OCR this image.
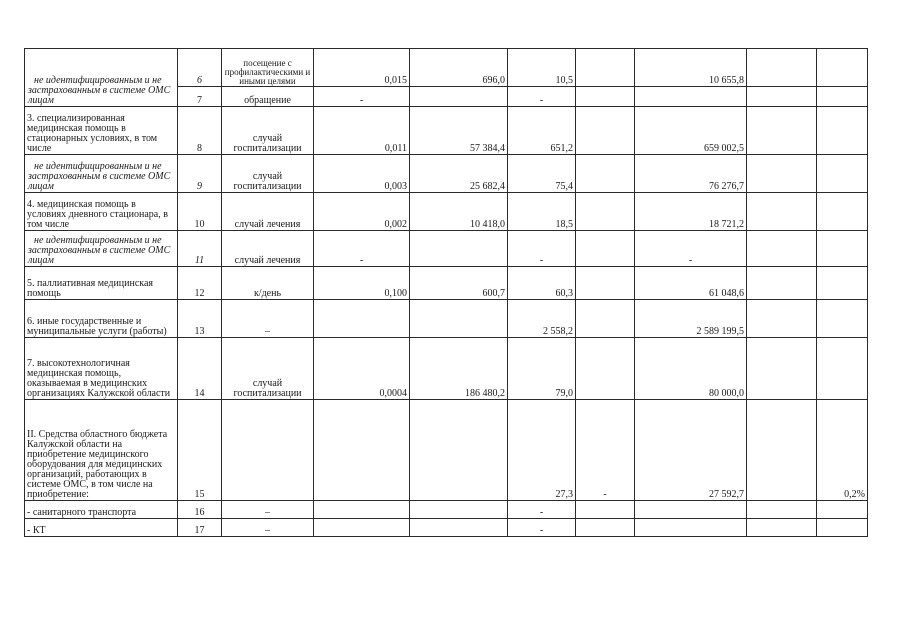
не идентифицированным и не застрахованным в системе ОМС лицам	6	посещение с профилактическими и иными целями	0,015	696,0	10,5		10 655,8		
	7	обращение	-		-				
3. специализированная медицинская помощь в стационарных условиях, в том числе	8	случай госпитализации	0,011	57 384,4	651,2		659 002,5		
не идентифицированным и не застрахованным в системе ОМС лицам	9	случай госпитализации	0,003	25 682,4	75,4		76 276,7		
4. медицинская помощь в условиях дневного стационара, в том числе	10	случай лечения	0,002	10 418,0	18,5		18 721,2		
не идентифицированным и не застрахованным в системе ОМС лицам	11	случай лечения	-		-		-		
5. паллиативная медицинская помощь	12	к/день	0,100	600,7	60,3		61 048,6		
6. иные государственные и муниципальные услуги (работы)	13	–			2 558,2		2 589 199,5		
7. высокотехнологичная медицинская помощь, оказываемая в медицинских организациях Калужской области	14	случай госпитализации	0,0004	186 480,2	79,0		80 000,0		
II. Средства областного бюджета Калужской области на приобретение медицинского оборудования для медицинских организаций, работающих в системе ОМС, в том числе на приобретение:	15				27,3	-	27 592,7		0,2%
- санитарного транспорта	16	–			-				
- КТ	17	–			-				
